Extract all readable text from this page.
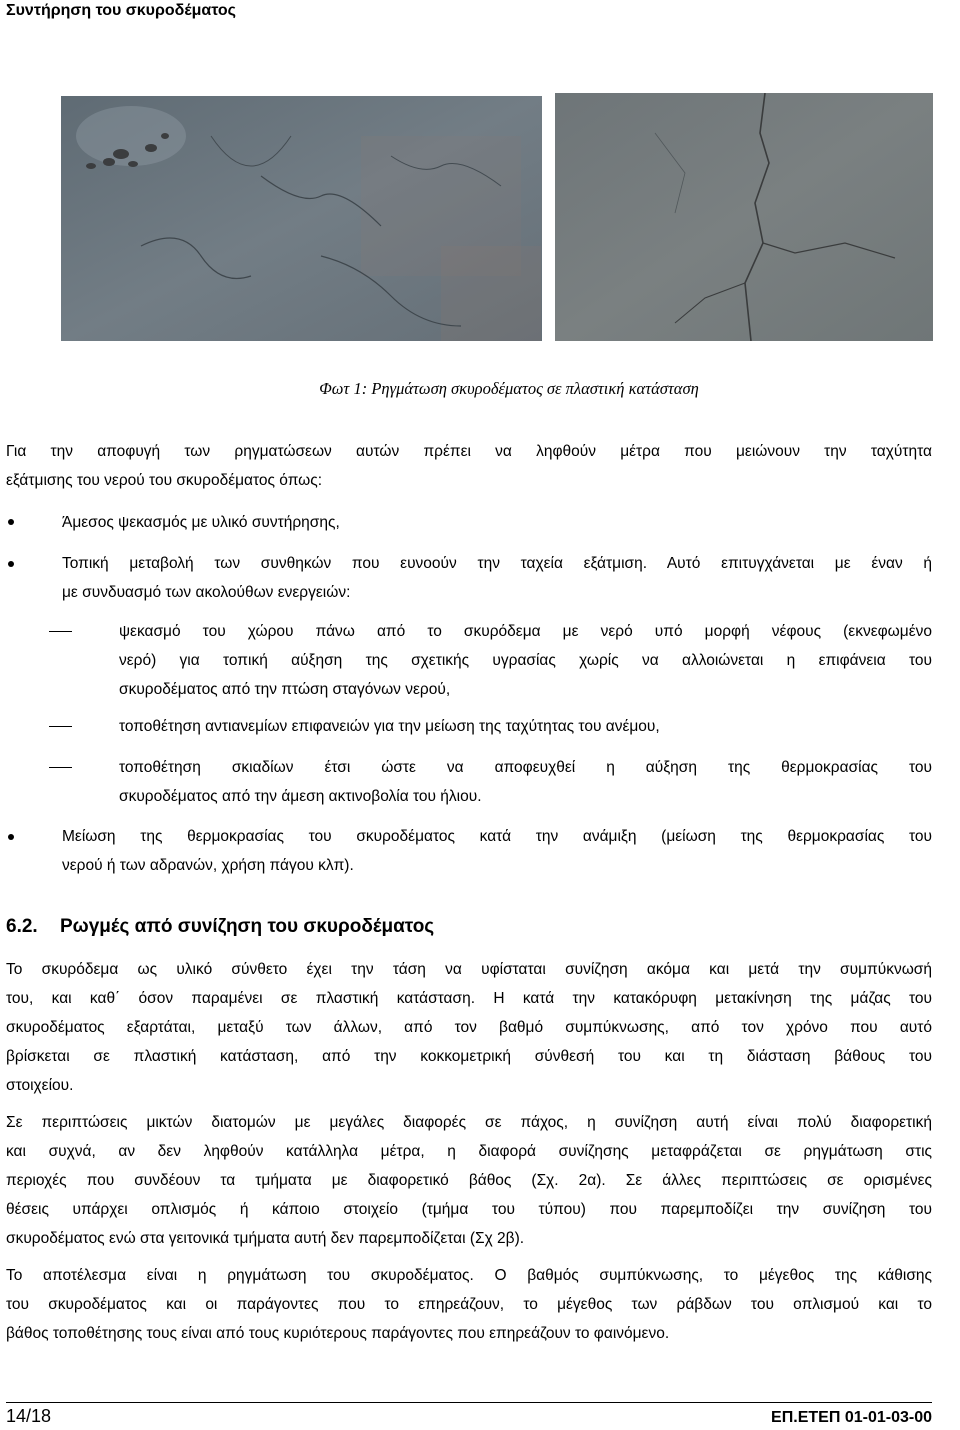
Συντήρηση του σκυροδέματος
Φωτ 1: Ρηγμάτωση σκυροδέματος σε πλαστική κατάσταση
Για την αποφυγή των ρηγματώσεων αυτών πρέπει να ληφθούν μέτρα που μειώνουν την ταχύτητα
εξάτμισης του νερού του σκυροδέματος όπως:
Άμεσος ψεκασμός με υλικό συντήρησης,
Τοπική μεταβολή των συνθηκών που ευνοούν την ταχεία εξάτμιση. Αυτό επιτυγχάνεται με έναν ή
με συνδυασμό των ακολούθων ενεργειών:
ψεκασμό του χώρου πάνω από το σκυρόδεμα με νερό υπό μορφή νέφους (εκνεφωμένο
νερό) για τοπική αύξηση της σχετικής υγρασίας χωρίς να αλλοιώνεται η επιφάνεια του
σκυροδέματος από την πτώση σταγόνων νερού,
τοποθέτηση αντιανεμίων επιφανειών για την μείωση της ταχύτητας του ανέμου,
τοποθέτηση σκιαδίων έτσι ώστε να αποφευχθεί η αύξηση της θερμοκρασίας του
σκυροδέματος από την άμεση ακτινοβολία του ήλιου.
Μείωση της θερμοκρασίας του σκυροδέματος κατά την ανάμιξη (μείωση της θερμοκρασίας του
νερού ή των αδρανών, χρήση πάγου κλπ).
6.2. Ρωγμές από συνίζηση του σκυροδέματος
Το σκυρόδεμα ως υλικό σύνθετο έχει την τάση να υφίσταται συνίζηση ακόμα και μετά την συμπύκνωσή
του, και καθ΄ όσον παραμένει σε πλαστική κατάσταση. Η κατά την κατακόρυφη μετακίνηση της μάζας του
σκυροδέματος εξαρτάται, μεταξύ των άλλων, από τον βαθμό συμπύκνωσης, από τον χρόνο που αυτό
βρίσκεται σε πλαστική κατάσταση, από την κοκκομετρική σύνθεσή του και τη διάσταση βάθους του
στοιχείου.
Σε περιπτώσεις μικτών διατομών με μεγάλες διαφορές σε πάχος, η συνίζηση αυτή είναι πολύ διαφορετική
και συχνά, αν δεν ληφθούν κατάλληλα μέτρα, η διαφορά συνίζησης μεταφράζεται σε ρηγμάτωση στις
περιοχές που συνδέουν τα τμήματα με διαφορετικό βάθος (Σχ. 2α). Σε άλλες περιπτώσεις σε ορισμένες
θέσεις υπάρχει οπλισμός ή κάποιο στοιχείο (τμήμα του τύπου) που παρεμποδίζει την συνίζηση του
σκυροδέματος ενώ στα γειτονικά τμήματα αυτή δεν παρεμποδίζεται (Σχ 2β).
Το αποτέλεσμα είναι η ρηγμάτωση του σκυροδέματος. Ο βαθμός συμπύκνωσης, το μέγεθος της κάθισης
του σκυροδέματος και οι παράγοντες που το επηρεάζουν, το μέγεθος των ράβδων του οπλισμού και το
βάθος τοποθέτησης τους είναι από τους κυριότερους παράγοντες που επηρεάζουν το φαινόμενο.
14/18	ΕΠ.ΕΤΕΠ 01-01-03-00
